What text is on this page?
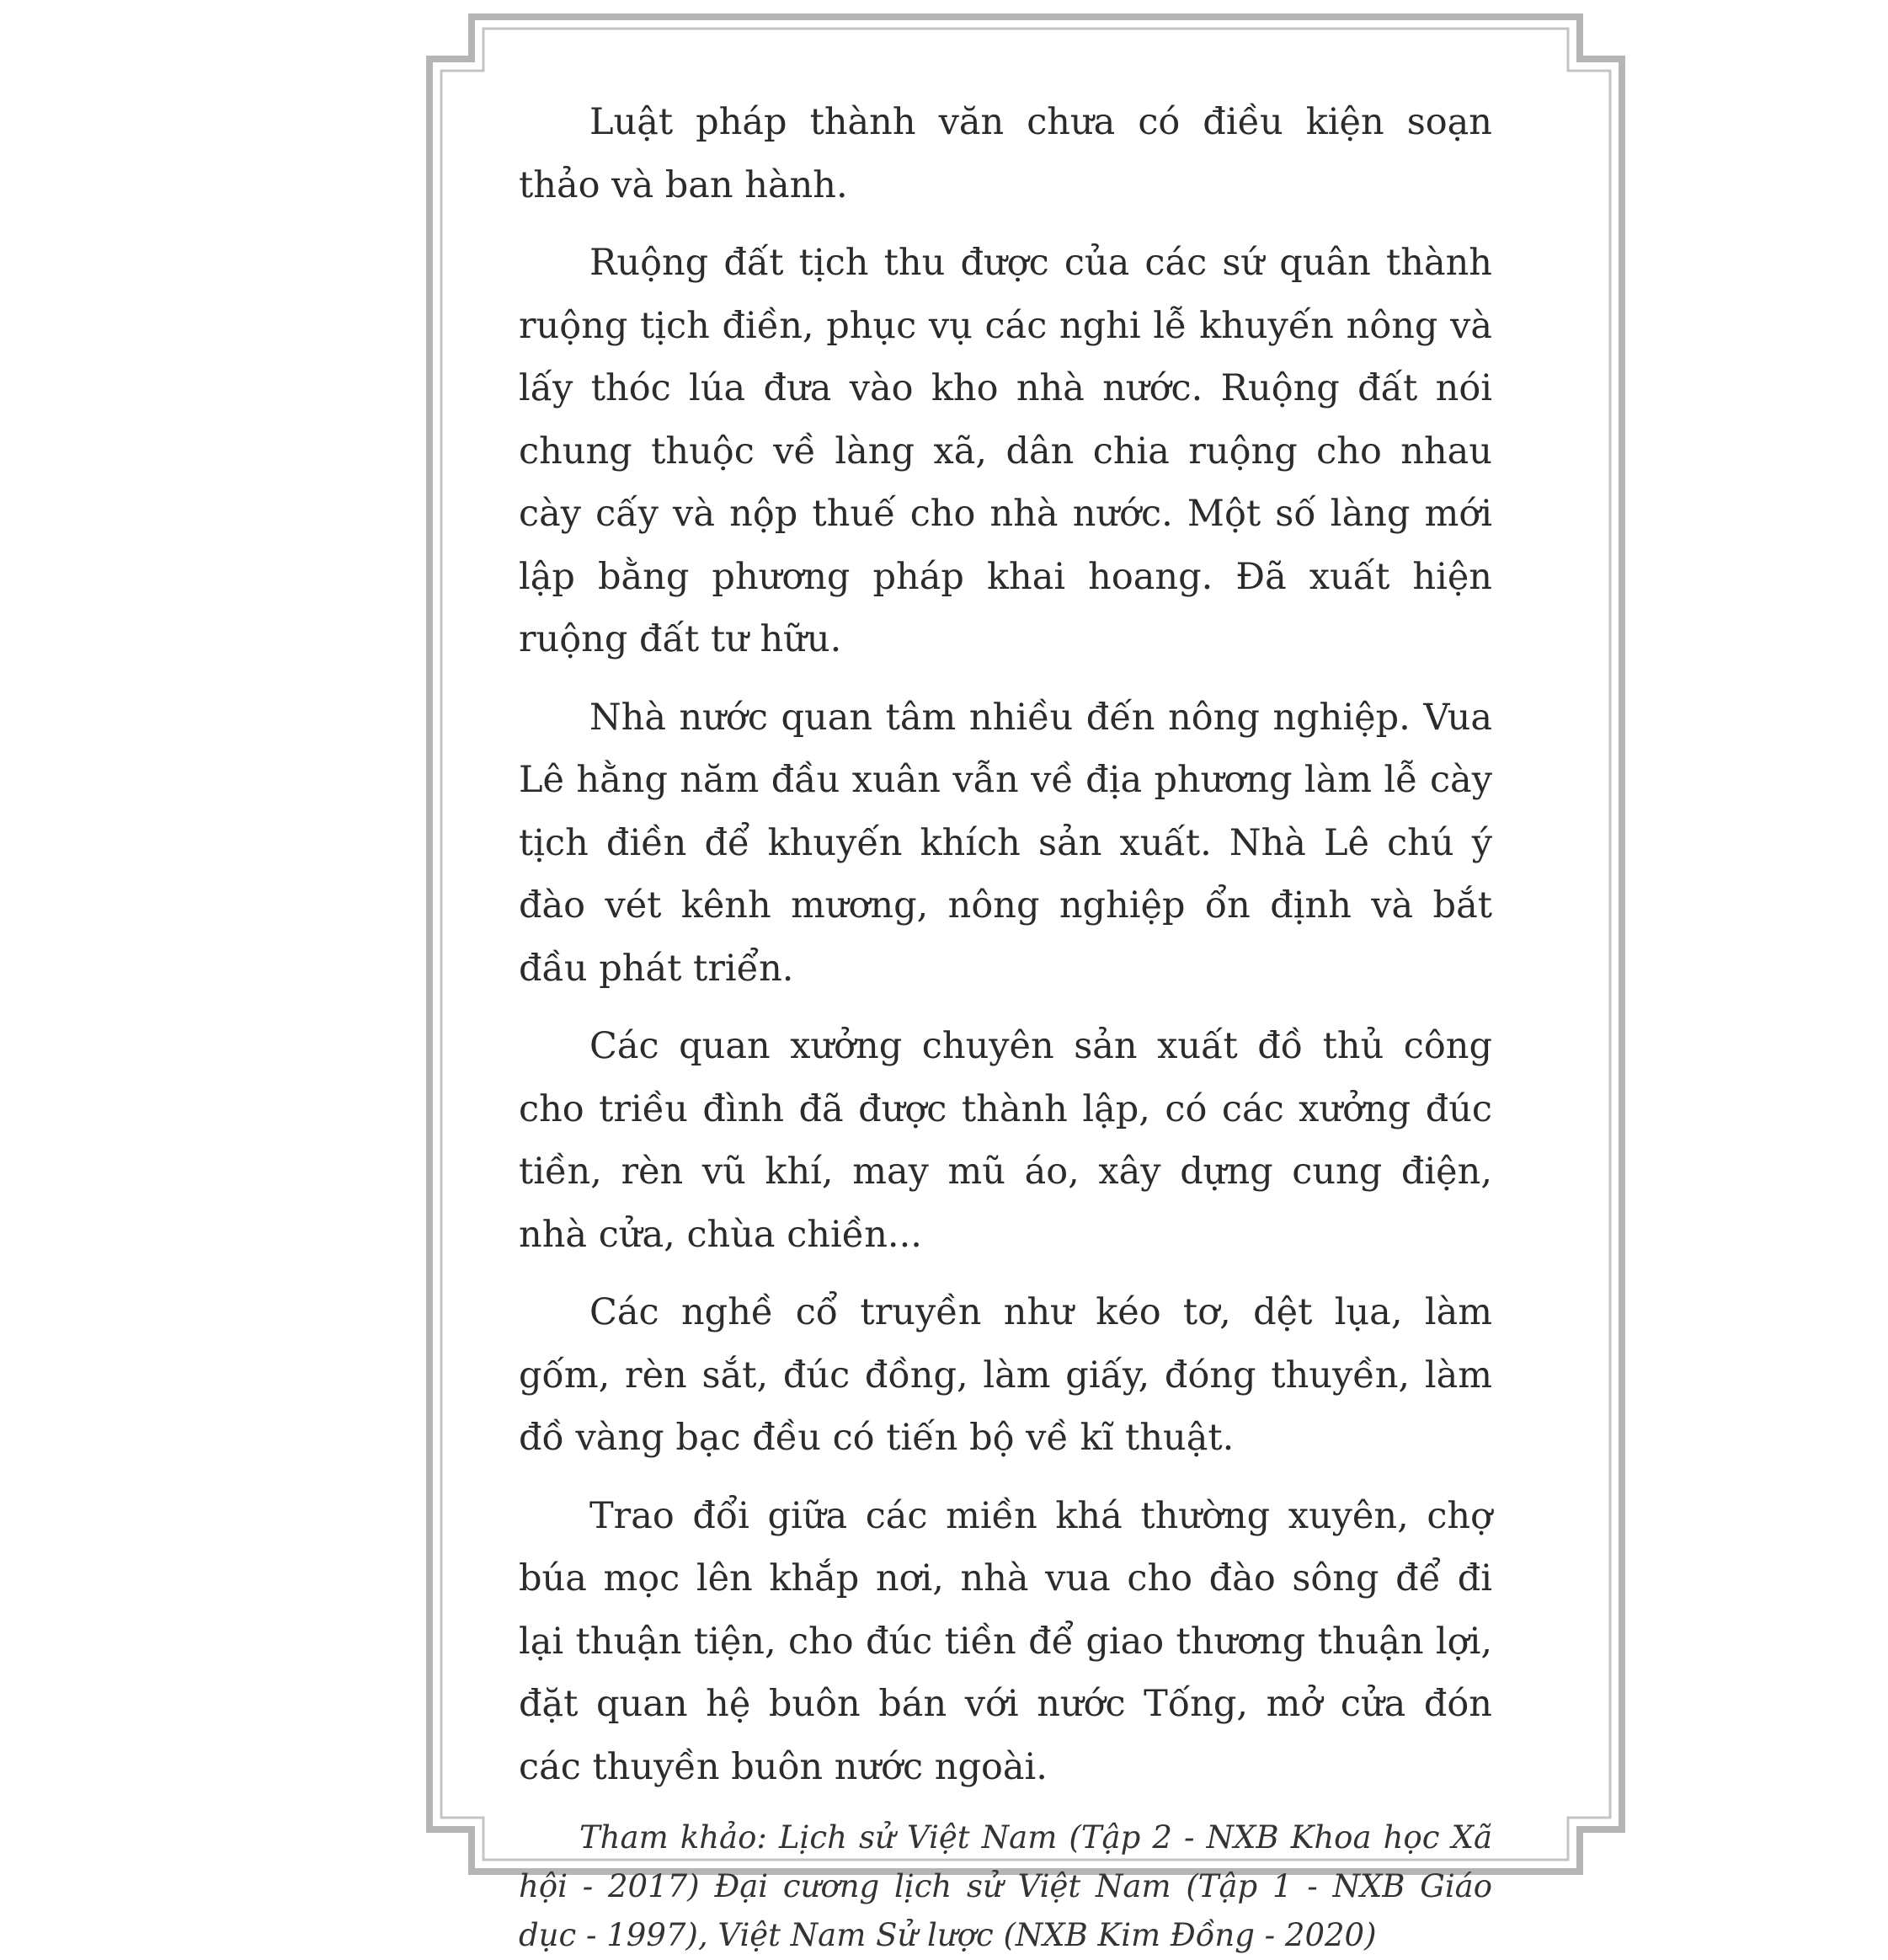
Luật pháp thành văn chưa có điều kiện soạn thảo và ban hành.

Ruộng đất tịch thu được của các sứ quân thành ruộng tịch điền, phục vụ các nghi lễ khuyến nông và lấy thóc lúa đưa vào kho nhà nước. Ruộng đất nói chung thuộc về làng xã, dân chia ruộng cho nhau cày cấy và nộp thuế cho nhà nước. Một số làng mới lập bằng phương pháp khai hoang. Đã xuất hiện ruộng đất tư hữu.

Nhà nước quan tâm nhiều đến nông nghiệp. Vua Lê hằng năm đầu xuân vẫn về địa phương làm lễ cày tịch điền để khuyến khích sản xuất. Nhà Lê chú ý đào vét kênh mương, nông nghiệp ổn định và bắt đầu phát triển.

Các quan xưởng chuyên sản xuất đồ thủ công cho triều đình đã được thành lập, có các xưởng đúc tiền, rèn vũ khí, may mũ áo, xây dựng cung điện, nhà cửa, chùa chiền...

Các nghề cổ truyền như kéo tơ, dệt lụa, làm gốm, rèn sắt, đúc đồng, làm giấy, đóng thuyền, làm đồ vàng bạc đều có tiến bộ về kĩ thuật.

Trao đổi giữa các miền khá thường xuyên, chợ búa mọc lên khắp nơi, nhà vua cho đào sông để đi lại thuận tiện, cho đúc tiền để giao thương thuận lợi, đặt quan hệ buôn bán với nước Tống, mở cửa đón các thuyền buôn nước ngoài.

Tham khảo: Lịch sử Việt Nam (Tập 2 - NXB Khoa học Xã hội - 2017) Đại cương lịch sử Việt Nam (Tập 1 - NXB Giáo dục - 1997), Việt Nam Sử lược (NXB Kim Đồng - 2020)
